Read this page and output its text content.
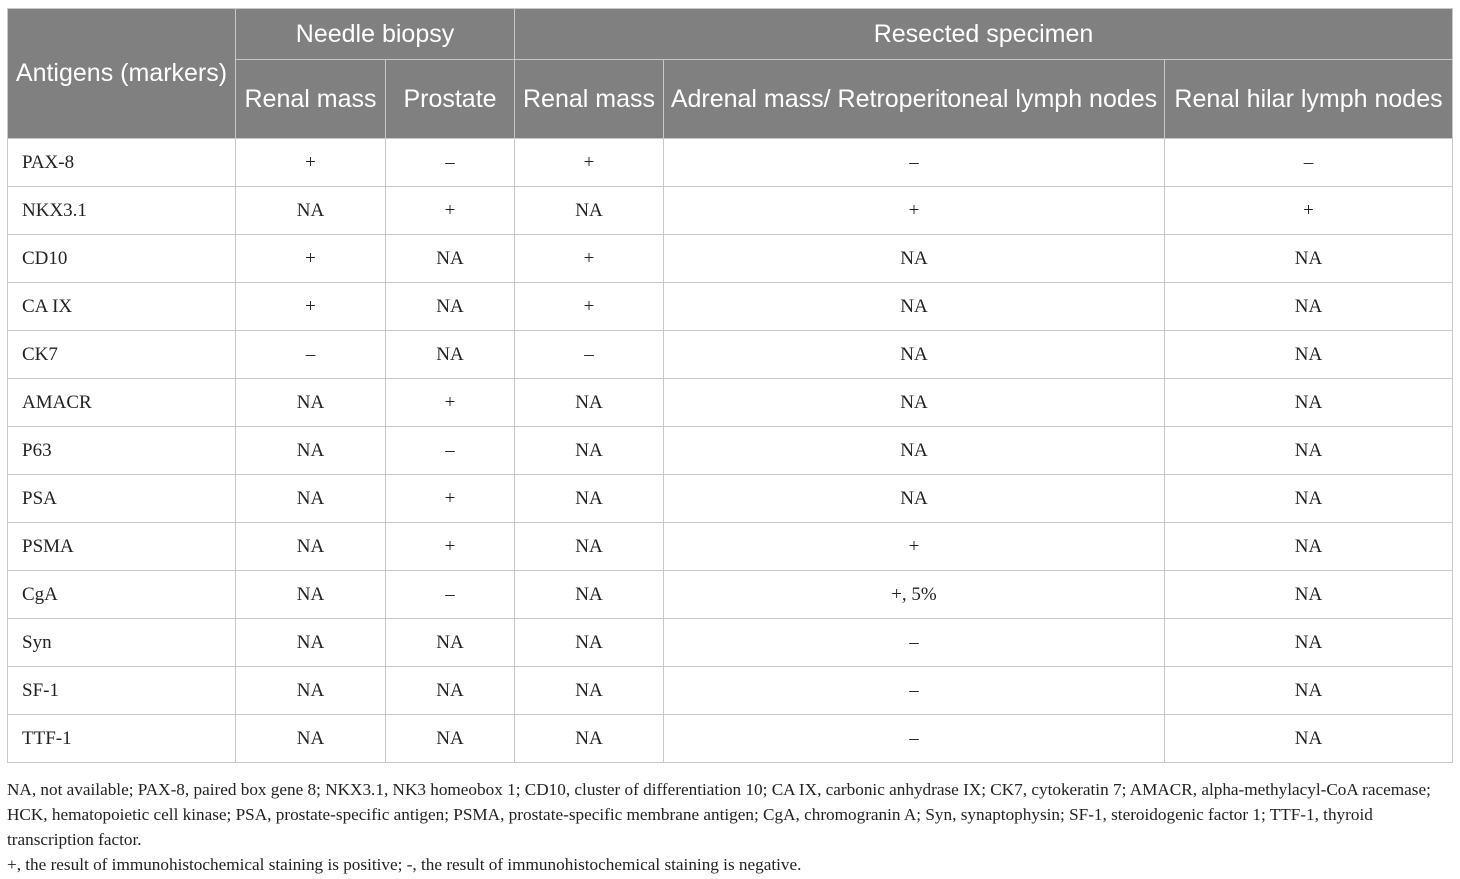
Antigens (markers)	Needle biopsy		Resected specimen		
	Renal mass	Prostate	Renal mass	Adrenal mass/ Retroperitoneal lymph nodes	Renal hilar lymph nodes
PAX-8	+	–	+	–	–
NKX3.1	NA	+	NA	+	+
CD10	+	NA	+	NA	NA
CA IX	+	NA	+	NA	NA
CK7	–	NA	–	NA	NA
AMACR	NA	+	NA	NA	NA
P63	NA	–	NA	NA	NA
PSA	NA	+	NA	NA	NA
PSMA	NA	+	NA	+	NA
CgA	NA	–	NA	+, 5%	NA
Syn	NA	NA	NA	–	NA
SF-1	NA	NA	NA	–	NA
TTF-1	NA	NA	NA	–	NA

NA, not available; PAX-8, paired box gene 8; NKX3.1, NK3 homeobox 1; CD10, cluster of differentiation 10; CA IX, carbonic anhydrase IX; CK7, cytokeratin 7; AMACR, alpha-methylacyl-CoA racemase; HCK, hematopoietic cell kinase; PSA, prostate-specific antigen; PSMA, prostate-specific membrane antigen; CgA, chromogranin A; Syn, synaptophysin; SF-1, steroidogenic factor 1; TTF-1, thyroid transcription factor.

+, the result of immunohistochemical staining is positive; -, the result of immunohistochemical staining is negative.
